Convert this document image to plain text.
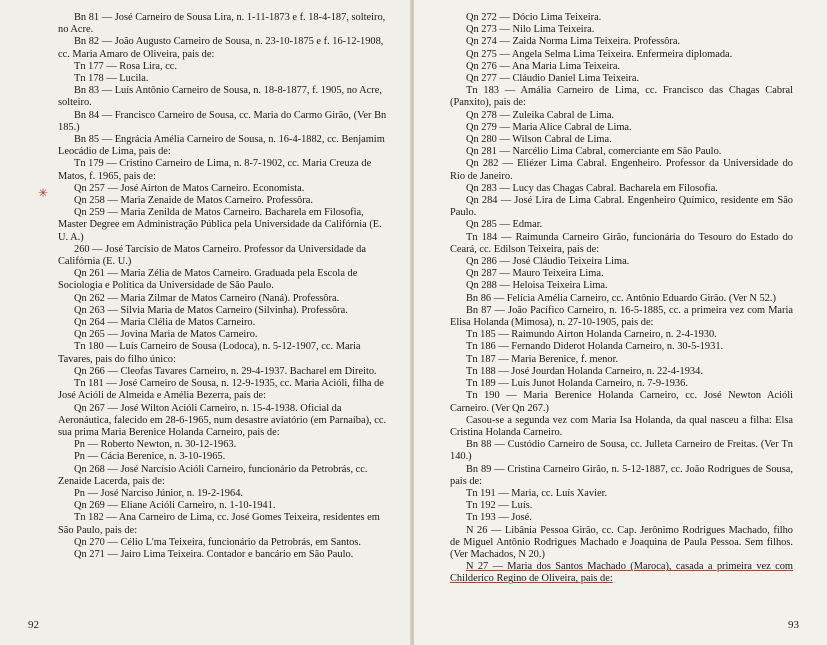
✳

Bn 81 — José Carneiro de Sousa Lira, n. 1-11-1873 e f. 18-4-187, solteiro, no Acre.

Bn 82 — João Augusto Carneiro de Sousa, n. 23-10-1875 e f. 16-12-1908, cc. Maria Amaro de Oliveira, pais de:

Tn 177 — Rosa Lira, cc.

Tn 178 — Lucila.

Bn 83 — Luís Antônio Carneiro de Sousa, n. 18-8-1877, f. 1905, no Acre, solteiro.

Bn 84 — Francisco Carneiro de Sousa, cc. Maria do Carmo Girão, (Ver Bn 185.)

Bn 85 — Engrácia Amélia Carneiro de Sousa, n. 16-4-1882, cc. Benjamim Leocádio de Lima, pais de:

Tn 179 — Cristino Carneiro de Lima, n. 8-7-1902, cc. Maria Creuza de Matos, f. 1965, pais de:

Qn 257 — José Airton de Matos Carneiro. Economista.

Qn 258 — Maria Zenaide de Matos Carneiro. Professôra.

Qn 259 — Maria Zenilda de Matos Carneiro. Bacharela em Filosofia, Master Degree em Administração Pública pela Universidade da Califórnia (E. U. A.)

260 — José Tarcísio de Matos Carneiro. Professor da Universidade da Califórnia (E. U.)

Qn 261 — Maria Zélia de Matos Carneiro. Graduada pela Escola de Sociologia e Política da Universidade de São Paulo.

Qn 262 — Maria Zilmar de Matos Carneiro (Naná). Professôra.

Qn 263 — Silvia Maria de Matos Carneiro (Silvinha). Professôra.

Qn 264 — Maria Clélia de Matos Carneiro.

Qn 265 — Jovina Maria de Matos Carneiro.

Tn 180 — Luís Carneiro de Sousa (Lodoca), n. 5-12-1907, cc. Maria Tavares, pais do filho único:

Qn 266 — Cleofas Tavares Carneiro, n. 29-4-1937. Bacharel em Direito.

Tn 181 — José Carneiro de Sousa, n. 12-9-1935, cc. Maria Acióli, filha de José Acióli de Almeida e Amélia Bezerra, pais de:

Qn 267 — José Wilton Acióli Carneiro, n. 15-4-1938. Oficial da Aeronáutica, falecido em 28-6-1965, num desastre aviatório (em Parnaíba), cc. sua prima Maria Berenice Holanda Carneiro, pais de:

Pn — Roberto Newton, n. 30-12-1963.

Pn — Cácia Berenice, n. 3-10-1965.

Qn 268 — José Narcísio Acióli Carneiro, funcionário da Petrobrás, cc. Zenaide Lacerda, pais de:

Pn — José Narciso Júnior, n. 19-2-1964.

Qn 269 — Eliane Acióli Carneiro, n. 1-10-1941.

Tn 182 — Ana Carneiro de Lima, cc. José Gomes Teixeira, residentes em São Paulo, pais de:

Qn 270 — Célio L'ma Teixeira, funcionário da Petrobrás, em Santos.

Qn 271 — Jairo Lima Teixeira. Contador e bancário em São Paulo.

92

Qn 272 — Dócio Lima Teixeira.

Qn 273 — Nilo Lima Teixeira.

Qn 274 — Zaida Norma Lima Teixeira. Professôra.

Qn 275 — Angela Selma Lima Teixeira. Enfermeira diplomada.

Qn 276 — Ana Maria Lima Teixeira.

Qn 277 — Cláudio Daniel Lima Teixeira.

Tn 183 — Amália Carneiro de Lima, cc. Francisco das Chagas Cabral (Panxito), pais de:

Qn 278 — Zuleika Cabral de Lima.

Qn 279 — Maria Alice Cabral de Lima.

Qn 280 — Wilson Cabral de Lima.

Qn 281 — Narcélio Lima Cabral, comerciante em São Paulo.

Qn 282 — Eliézer Lima Cabral. Engenheiro. Professor da Universidade do Rio de Janeiro.

Qn 283 — Lucy das Chagas Cabral. Bacharela em Filosofia.

Qn 284 — José Lira de Lima Cabral. Engenheiro Químico, residente em São Paulo.

Qn 285 — Edmar.

Tn 184 — Raimunda Carneiro Girão, funcionária do Tesouro do Estado do Ceará, cc. Edilson Teixeira, pais de:

Qn 286 — José Cláudio Teixeira Lima.

Qn 287 — Mauro Teixeira Lima.

Qn 288 — Heloisa Teixeira Lima.

Bn 86 — Felícia Amélia Carneiro, cc. Antônio Eduardo Girão. (Ver N 52.)

Bn 87 — João Pacífico Carneiro, n. 16-5-1885, cc. a primeira vez com Maria Elisa Holanda (Mimosa), n. 27-10-1905, pais de:

Tn 185 — Raimundo Airton Holanda Carneiro, n. 2-4-1930.

Tn 186 — Fernando Diderot Holanda Carneiro, n. 30-5-1931.

Tn 187 — Maria Berenice, f. menor.

Tn 188 — José Jourdan Holanda Carneiro, n. 22-4-1934.

Tn 189 — Luís Junot Holanda Carneiro, n. 7-9-1936.

Tn 190 — Maria Berenice Holanda Carneiro, cc. José Newton Acióli Carneiro. (Ver Qn 267.)

Casou-se a segunda vez com Maria Isa Holanda, da qual nasceu a filha: Elsa Cristina Holanda Carneiro.

Bn 88 — Custódio Carneiro de Sousa, cc. Julleta Carneiro de Freitas. (Ver Tn 140.)

Bn 89 — Cristina Carneiro Girão, n. 5-12-1887, cc. João Rodrigues de Sousa, pais de:

Tn 191 — Maria, cc. Luís Xavier.

Tn 192 — Luís.

Tn 193 — José.

N 26 — Libânia Pessoa Girão, cc. Cap. Jerônimo Rodrigues Machado, filho de Miguel Antônio Rodrigues Machado e Joaquina de Paula Pessoa. Sem filhos. (Ver Machados, N 20.)

N 27 — Maria dos Santos Machado (Maroca), casada a primeira vez com Childerico Regino de Oliveira, pais de:

93
